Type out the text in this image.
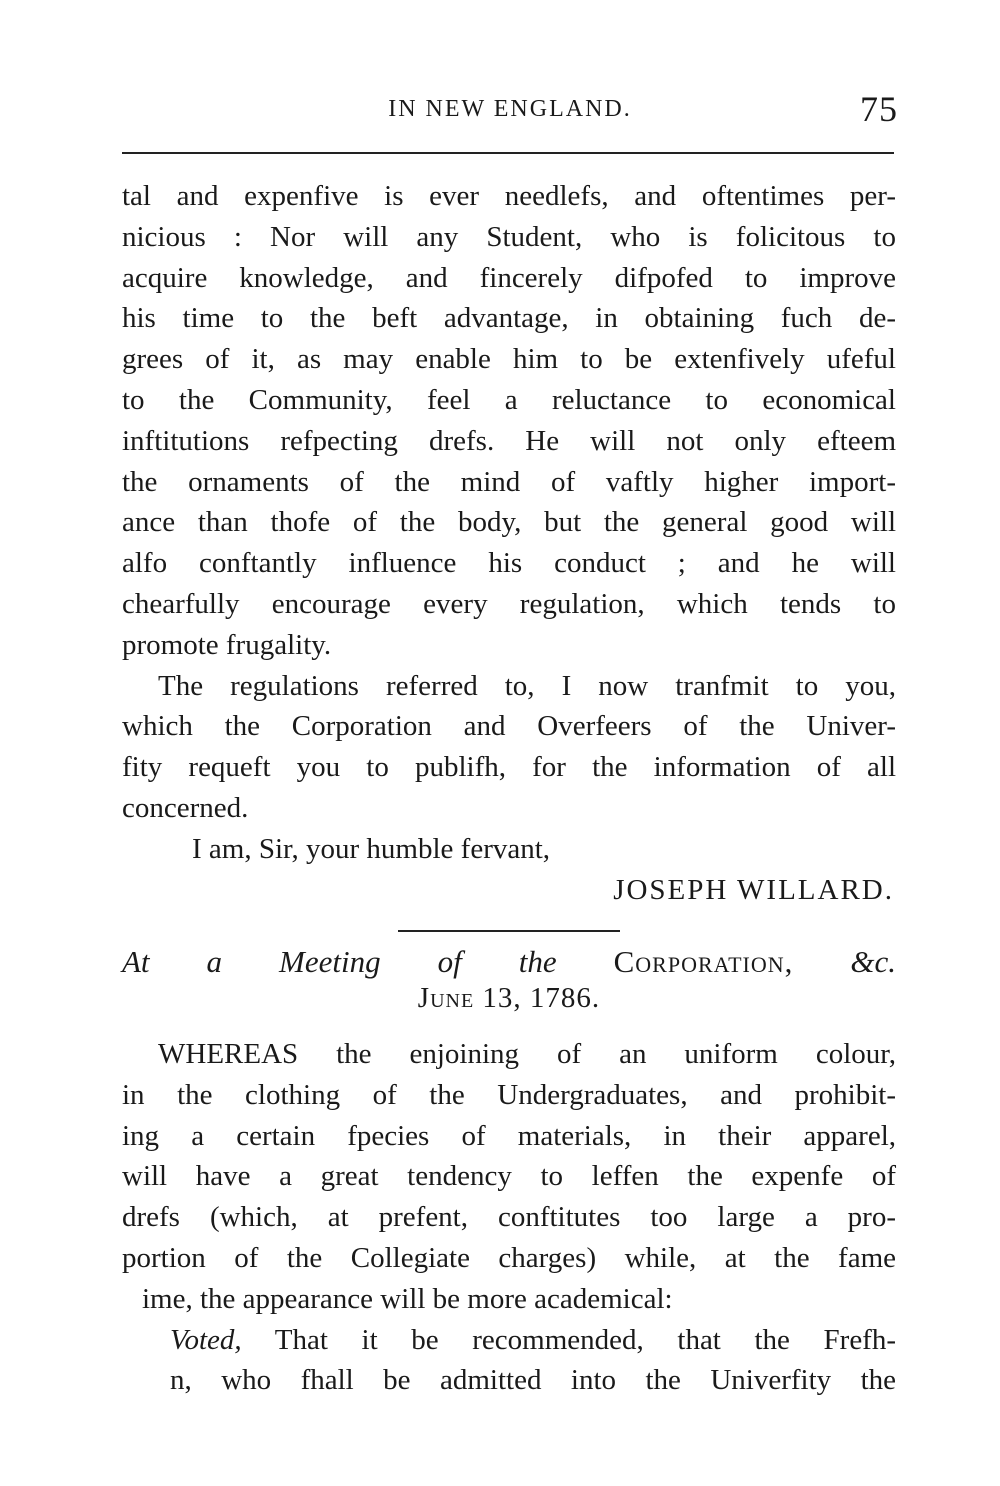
IN NEW ENGLAND.	75
tal and expenfive is ever needlefs, and oftentimes per-
nicious : Nor will any Student, who is folicitous to
acquire knowledge, and fincerely difpofed to improve
his time to the beft advantage, in obtaining fuch de-
grees of it, as may enable him to be extenfively ufeful
to the Community, feel a reluctance to economical
inftitutions refpecting drefs. He will not only efteem
the ornaments of the mind of vaftly higher import-
ance than thofe of the body, but the general good will
alfo conftantly influence his conduct ; and he will
chearfully encourage every regulation, which tends to
promote frugality.
The regulations referred to, I now tranfmit to you,
which the Corporation and Overfeers of the Univer-
fity requeft you to publifh, for the information of all
concerned.
I am, Sir, your humble fervant,
JOSEPH WILLARD.
At a Meeting of the Corporation, &c.
June 13, 1786.
WHEREAS the enjoining of an uniform colour,
in the clothing of the Undergraduates, and prohibit-
ing a certain fpecies of materials, in their apparel,
will have a great tendency to leffen the expenfe of
drefs (which, at prefent, conftitutes too large a pro-
portion of the Collegiate charges) while, at the fame
ime, the appearance will be more academical:
Voted, That it be recommended, that the Frefh-
n, who fhall be admitted into the Univerfity the
